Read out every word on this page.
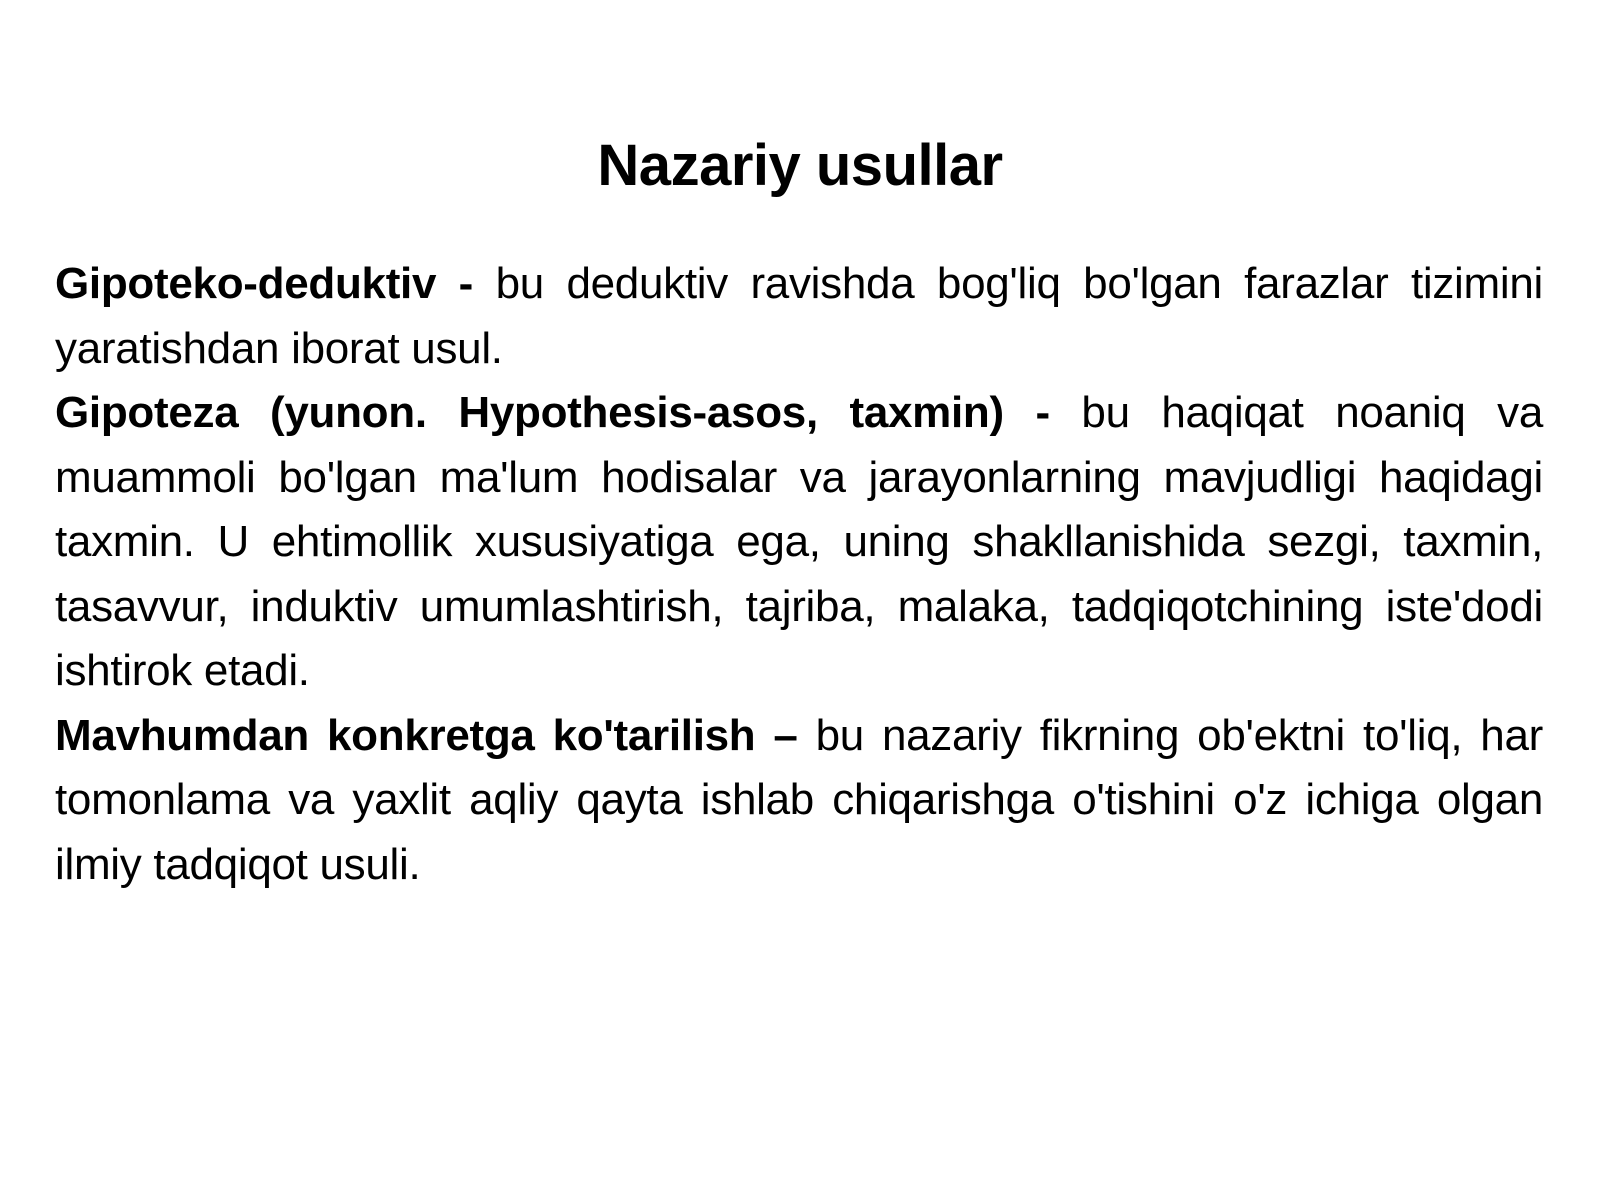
Nazariy usullar

Gipoteko-deduktiv - bu deduktiv ravishda bog'liq bo'lgan farazlar tizimini yaratishdan iborat usul.

Gipoteza (yunon. Hypothesis-asos, taxmin) - bu haqiqat noaniq va muammoli bo'lgan ma'lum hodisalar va jarayonlarning mavjudligi haqidagi taxmin. U ehtimollik xususiyatiga ega, uning shakllanishida sezgi, taxmin, tasavvur, induktiv umumlashtirish, tajriba, malaka, tadqiqotchining iste'dodi ishtirok etadi.

Mavhumdan konkretga ko'tarilish – bu nazariy fikrning ob'ektni to'liq, har tomonlama va yaxlit aqliy qayta ishlab chiqarishga o'tishini o'z ichiga olgan ilmiy tadqiqot usuli.
